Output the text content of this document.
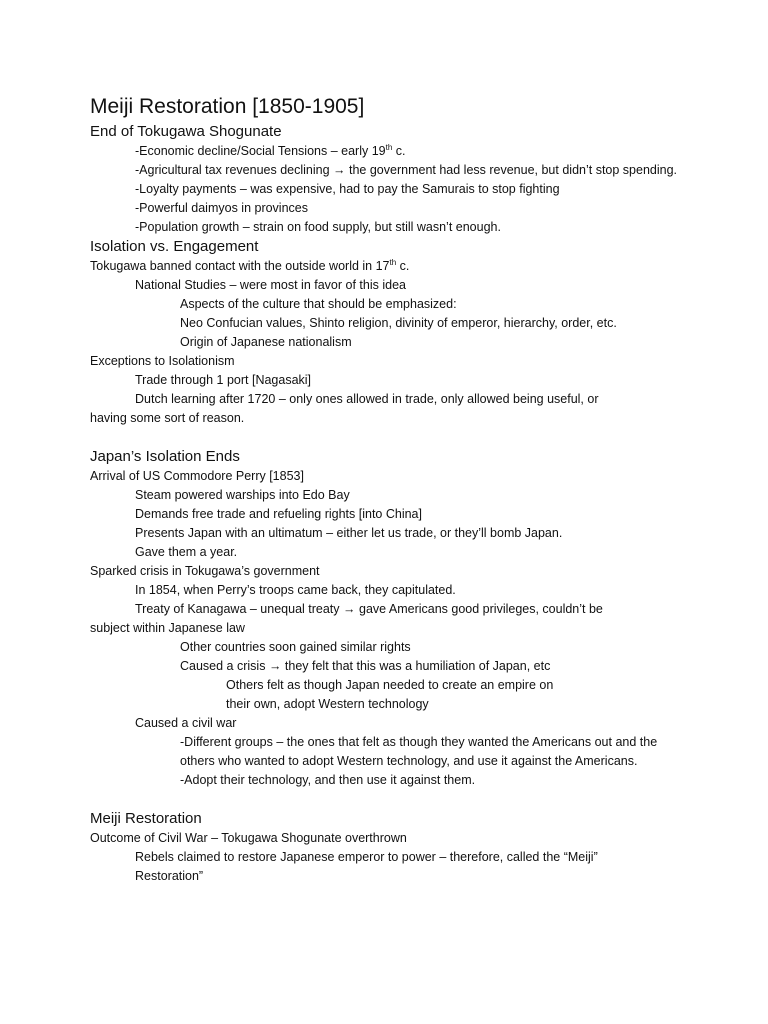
Meiji Restoration [1850-1905]
End of Tokugawa Shogunate
-Economic decline/Social Tensions – early 19th c.
-Agricultural tax revenues declining → the government had less revenue, but didn’t stop spending.
-Loyalty payments – was expensive, had to pay the Samurais to stop fighting
-Powerful daimyos in provinces
-Population growth – strain on food supply, but still wasn’t enough.
Isolation vs. Engagement
Tokugawa banned contact with the outside world in 17th c.
National Studies – were most in favor of this idea
Aspects of the culture that should be emphasized:
Neo Confucian values, Shinto religion, divinity of emperor, hierarchy, order, etc.
Origin of Japanese nationalism
Exceptions to Isolationism
Trade through 1 port [Nagasaki]
Dutch learning after 1720 – only ones allowed in trade, only allowed being useful, or
having some sort of reason.
Japan’s Isolation Ends
Arrival of US Commodore Perry [1853]
Steam powered warships into Edo Bay
Demands free trade and refueling rights [into China]
Presents Japan with an ultimatum – either let us trade, or they’ll bomb Japan.
Gave them a year.
Sparked crisis in Tokugawa’s government
In 1854, when Perry’s troops came back, they capitulated.
Treaty of Kanagawa – unequal treaty → gave Americans good privileges, couldn’t be
subject within Japanese law
Other countries soon gained similar rights
Caused a crisis → they felt that this was a humiliation of Japan, etc
Others felt as though Japan needed to create an empire on their own, adopt Western technology
Caused a civil war
-Different groups – the ones that felt as though they wanted the Americans out and the others who wanted to adopt Western technology, and use it against the Americans.
-Adopt their technology, and then use it against them.
Meiji Restoration
Outcome of Civil War – Tokugawa Shogunate overthrown
Rebels claimed to restore Japanese emperor to power – therefore, called the “Meiji” Restoration”
